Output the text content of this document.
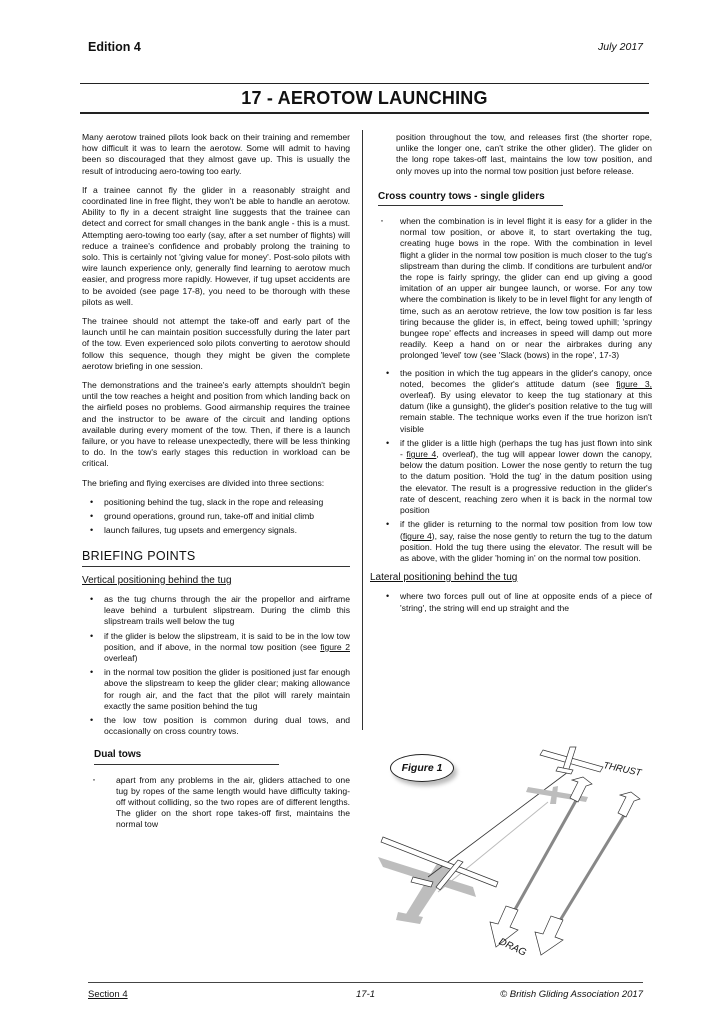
Edition 4	July 2017
17 - AEROTOW LAUNCHING

Many aerotow trained pilots look back on their training and remember how difficult it was to learn the aerotow. Some will admit to having been so discouraged that they almost gave up. This is usually the result of introducing aero-towing too early.

If a trainee cannot fly the glider in a reasonably straight and coordinated line in free flight, they won't be able to handle an aerotow. Ability to fly in a decent straight line suggests that the trainee can detect and correct for small changes in the bank angle - this is a must. Attempting aero-towing too early (say, after a set number of flights) will reduce a trainee's confidence and probably prolong the training to solo. This is certainly not 'giving value for money'. Post-solo pilots with wire launch experience only, generally find learning to aerotow much easier, and progress more rapidly. However, if tug upset accidents are to be avoided (see page 17-8), you need to be thorough with these pilots as well.

The trainee should not attempt the take-off and early part of the launch until he can maintain position successfully during the later part of the tow. Even experienced solo pilots converting to aerotow should follow this sequence, though they might be given the complete aerotow briefing in one session.

The demonstrations and the trainee's early attempts shouldn't begin until the tow reaches a height and position from which landing back on the airfield poses no problems. Good airmanship requires the trainee and the instructor to be aware of the circuit and landing options available during every moment of the tow. Then, if there is a launch failure, or you have to release unexpectedly, there will be less thinking to do. In the tow's early stages this reduction in workload can be critical.

The briefing and flying exercises are divided into three sections:

• positioning behind the tug, slack in the rope and releasing
• ground operations, ground run, take-off and initial climb
• launch failures, tug upsets and emergency signals.
BRIEFING POINTS
Vertical positioning behind the tug
• as the tug churns through the air the propellor and airframe leave behind a turbulent slipstream. During the climb this slipstream trails well below the tug
• if the glider is below the slipstream, it is said to be in the low tow position, and if above, in the normal tow position (see figure 2 overleaf)
• in the normal tow position the glider is positioned just far enough above the slipstream to keep the glider clear; making allowance for rough air, and the fact that the pilot will rarely maintain exactly the same position behind the tug
• the low tow position is common during dual tows, and occasionally on cross country tows.
Dual tows
· apart from any problems in the air, gliders attached to one tug by ropes of the same length would have difficulty taking-off without colliding, so the two ropes are of different lengths. The glider on the short rope takes-off first, maintains the normal tow

position throughout the tow, and releases first (the shorter rope, unlike the longer one, can't strike the other glider). The glider on the long rope takes-off last, maintains the low tow position, and only moves up into the normal tow position just before release.

Cross country tows - single gliders
· when the combination is in level flight it is easy for a glider in the normal tow position, or above it, to start overtaking the tug, creating huge bows in the rope. With the combination in level flight a glider in the normal tow position is much closer to the tug's slipstream than during the climb. If conditions are turbulent and/or the rope is fairly springy, the glider can end up giving a good imitation of an upper air bungee launch, or worse. For any tow where the combination is likely to be in level flight for any length of time, such as an aerotow retrieve, the low tow position is far less tiring because the glider is, in effect, being towed uphill; 'springy bungee rope' effects and increases in speed will damp out more readily. Keep a hand on or near the airbrakes during any prolonged 'level' tow (see 'Slack (bows) in the rope', 17-3)
• the position in which the tug appears in the glider's canopy, once noted, becomes the glider's attitude datum (see figure 3, overleaf). By using elevator to keep the tug stationary at this datum (like a gunsight), the glider's position relative to the tug will remain stable. The technique works even if the true horizon isn't visible
• if the glider is a little high (perhaps the tug has just flown into sink - figure 4, overleaf), the tug will appear lower down the canopy, below the datum position. Lower the nose gently to return the tug to the datum position. 'Hold the tug' in the datum position using the elevator. The result is a progressive reduction in the glider's rate of descent, reaching zero when it is back in the normal tow position
• if the glider is returning to the normal tow position from low tow (figure 4), say, raise the nose gently to return the tug to the datum position. Hold the tug there using the elevator. The result will be as above, with the glider 'homing in' on the normal tow position.
Lateral positioning behind the tug
• where two forces pull out of line at opposite ends of a piece of 'string', the string will end up straight and the
Figure 1	THRUST
DRAG
Section 4	17-1	© British Gliding Association 2017
